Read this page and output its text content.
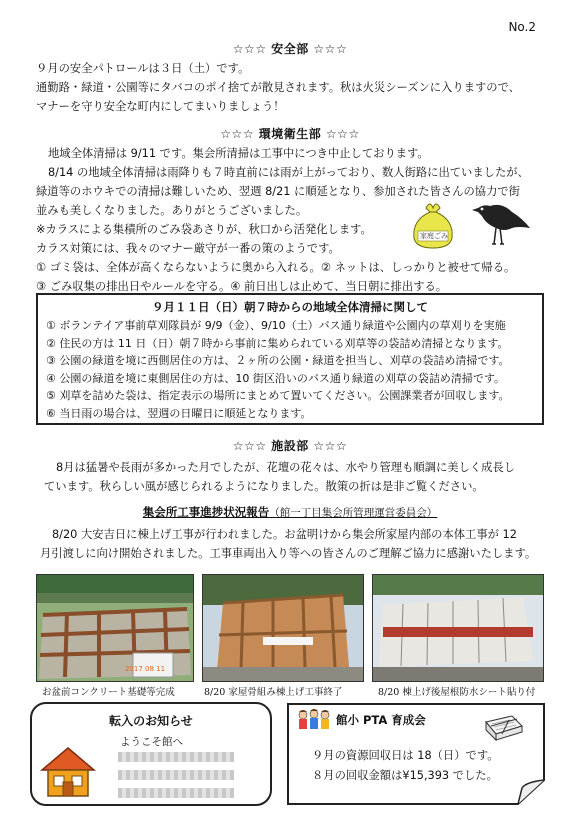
No.2
☆☆☆ 安全部 ☆☆☆
９月の安全パトロールは３日（土）です。
通勤路・緑道・公園等にタバコのポイ捨てが散見されます。秋は火災シーズンに入りますので、
マナーを守り安全な町内にしてまいりましょう！
☆☆☆ 環境衛生部 ☆☆☆
地域全体清掃は 9/11 です。集会所清掃は工事中につき中止しております。
8/14 の地域全体清掃は雨降りも７時直前には雨が上がっており、数人街路に出ていましたが、
緑道等のホウキでの清掃は難しいため、翌週 8/21 に順延となり、参加された皆さんの協力で街
並みも美しくなりました。ありがとうございました。
※カラスによる集積所のごみ袋あさりが、秋口から活発化します。
カラス対策には、我々のマナー厳守が一番の策のようです。
① ゴミ袋は、全体が高くならないように奥から入れる。② ネットは、しっかりと被せて帰る。
③ ごみ収集の排出日やルールを守る。④ 前日出しは止めて、当日朝に排出する。
家庭ごみ
９月１１日（日）朝７時からの地域全体清掃に関して
① ボランテイア事前草刈隊員が 9/9（金）、9/10（土）バス通り緑道や公園内の草刈りを実施
② 住民の方は 11 日（日）朝７時から事前に集められている刈草等の袋詰め清掃となります。
③ 公園の緑道を境に西側居住の方は、２ヶ所の公園・緑道を担当し、刈草の袋詰め清掃です。
④ 公園の緑道を境に東側居住の方は、10 街区沿いのバス通り緑道の刈草の袋詰め清掃です。
⑤ 刈草を詰めた袋は、指定表示の場所にまとめて置いてください。公園課業者が回収します。
⑥ 当日雨の場合は、翌週の日曜日に順延となります。
☆☆☆ 施設部 ☆☆☆
8月は猛暑や長雨が多かった月でしたが、花壇の花々は、水やり管理も順調に美しく成長し
ています。秋らしい風が感じられるようになりました。散策の折は是非ご覧ください。
集会所工事進捗状況報告（館一丁目集会所管理運営委員会）
8/20 大安吉日に棟上げ工事が行われました。お盆明けから集会所家屋内部の本体工事が 12
月引渡しに向け開始されました。工事車両出入り等への皆さんのご理解ご協力に感謝いたします。
2017 08 11
お盆前コンクリート基礎等完成	8/20 家屋骨組み棟上げ工事終了	8/20 棟上げ後屋根防水シート貼り付
転入のお知らせ
ようこそ館へ
館小 PTA 育成会
９月の資源回収日は 18（日）です。
８月の回収金額は¥15,393 でした。
